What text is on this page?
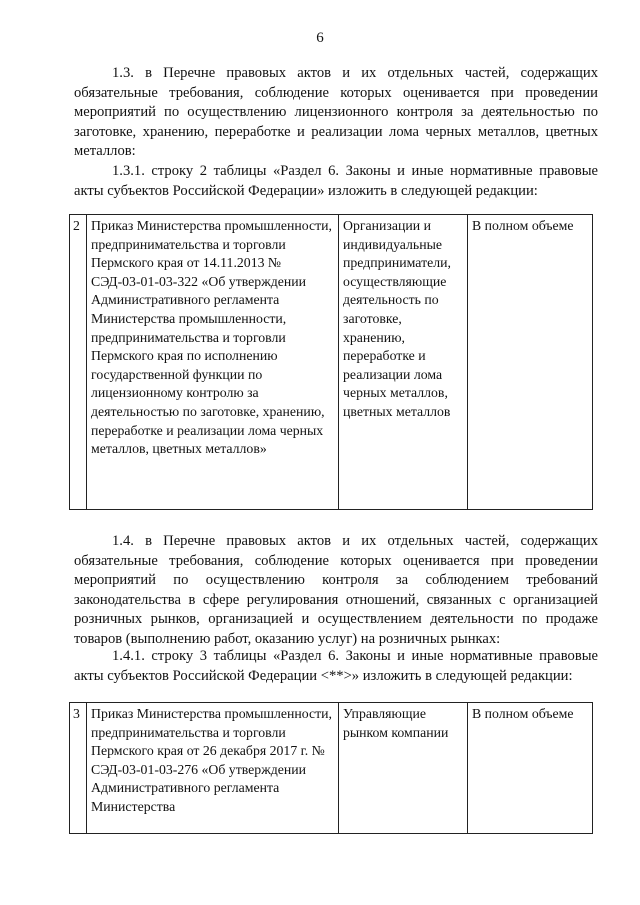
6

1.3. в Перечне правовых актов и их отдельных частей, содержащих обязательные требования, соблюдение которых оценивается при проведении мероприятий по осуществлению лицензионного контроля за деятельностью по заготовке, хранению, переработке и реализации лома черных металлов, цветных металлов:

1.3.1. строку 2 таблицы «Раздел 6. Законы и иные нормативные правовые акты субъектов Российской Федерации» изложить в следующей редакции:

2	Приказ Министерства промышленности, предпринимательства и торговли Пермского края от 14.11.2013 № СЭД-03-01-03-322 «Об утверждении Административного регламента Министерства промышленности, предпринимательства и торговли Пермского края по исполнению государственной функции по лицензионному контролю за деятельностью по заготовке, хранению, переработке и реализации лома черных металлов, цветных металлов»	Организации и индивидуальные предприниматели, осуществляющие деятельность по заготовке, хранению, переработке и реализации лома черных металлов, цветных металлов	В полном объеме

1.4. в Перечне правовых актов и их отдельных частей, содержащих обязательные требования, соблюдение которых оценивается при проведении мероприятий по осуществлению контроля за соблюдением требований законодательства в сфере регулирования отношений, связанных с организацией розничных рынков, организацией и осуществлением деятельности по продаже товаров (выполнению работ, оказанию услуг) на розничных рынках:

1.4.1. строку 3 таблицы «Раздел 6. Законы и иные нормативные правовые акты субъектов Российской Федерации <**>» изложить в следующей редакции:

3	Приказ Министерства промышленности, предпринимательства и торговли Пермского края от 26 декабря 2017 г. № СЭД-03-01-03-276 «Об утверждении Административного регламента Министерства	Управляющие рынком компании	В полном объеме
